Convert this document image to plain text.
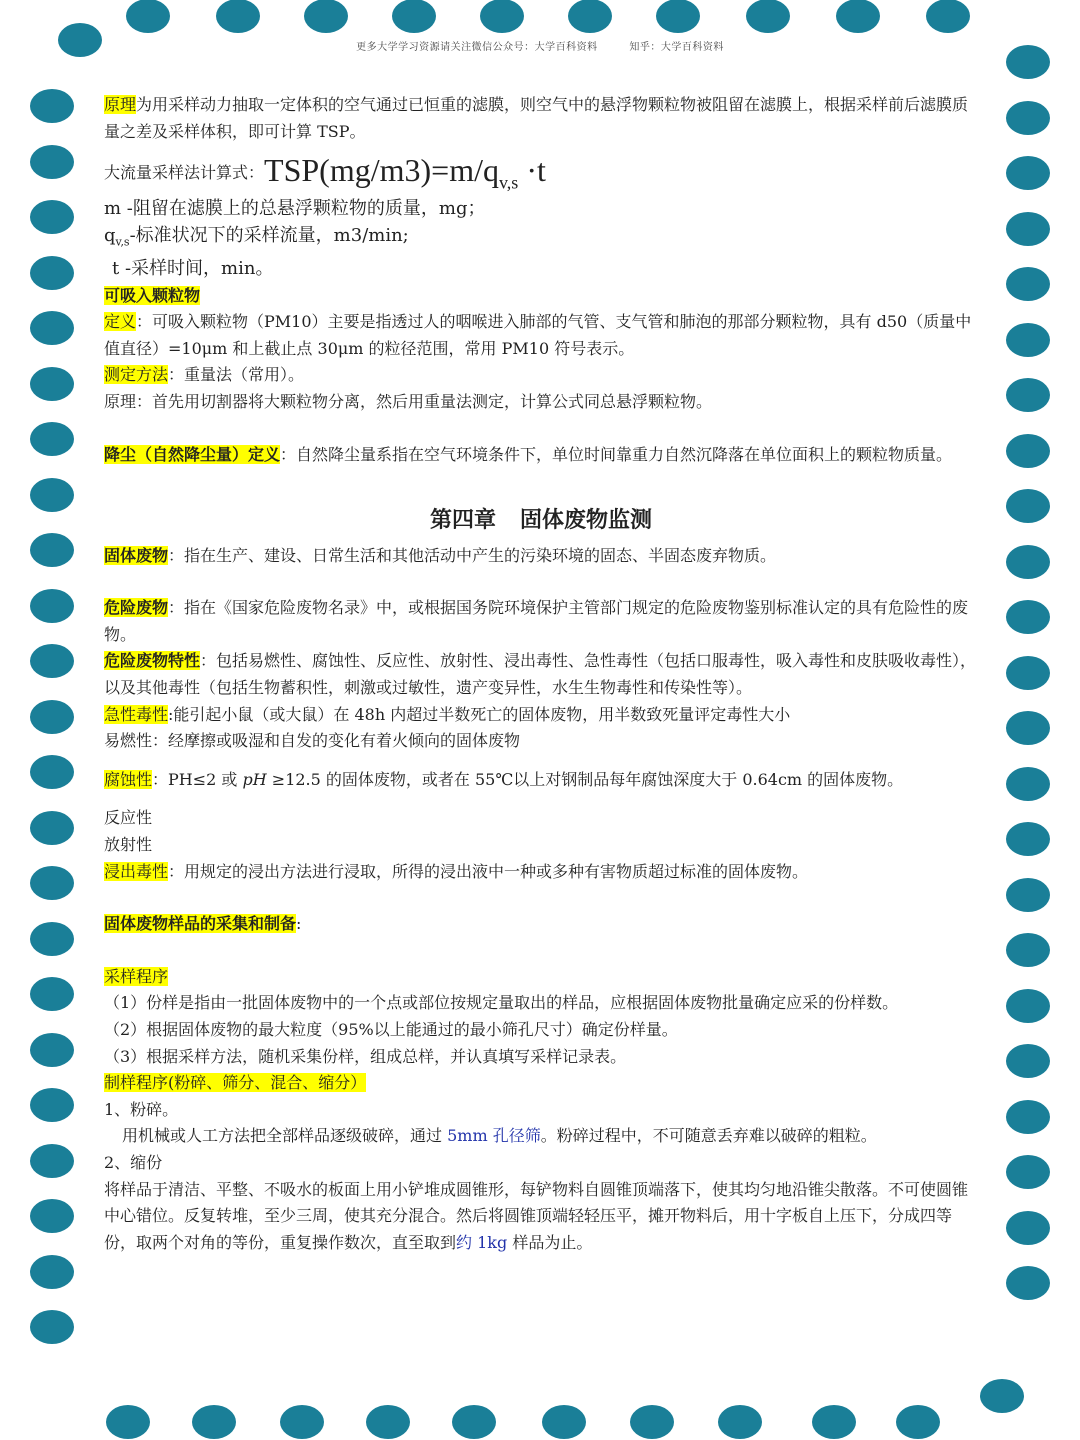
更多大学学习资源请关注微信公众号：大学百科资料	知乎：大学百科资料

原理为用采样动力抽取一定体积的空气通过已恒重的滤膜，则空气中的悬浮物颗粒物被阻留在滤膜上，根据采样前后滤膜质量之差及采样体积，即可计算 TSP。

大流量采样法计算式：$TSP(mg/m3)=m/q_{v,s} \cdot t$

m -阻留在滤膜上的总悬浮颗粒物的质量，mg；

$q_{v,s}-$标准状况下的采样流量，m3/min;

t -采样时间，min。

可吸入颗粒物

定义：可吸入颗粒物（PM10）主要是指透过人的咽喉进入肺部的气管、支气管和肺泡的那部分颗粒物，具有 d50（质量中值直径）=10μm 和上截止点 30μm 的粒径范围，常用 PM10 符号表示。

测定方法：重量法（常用）。

原理：首先用切割器将大颗粒物分离，然后用重量法测定，计算公式同总悬浮颗粒物。

降尘（自然降尘量）定义：自然降尘量系指在空气环境条件下，单位时间靠重力自然沉降落在单位面积上的颗粒物质量。

第四章 固体废物监测

固体废物：指在生产、建设、日常生活和其他活动中产生的污染环境的固态、半固态废弃物质。

危险废物：指在《国家危险废物名录》中，或根据国务院环境保护主管部门规定的危险废物鉴别标准认定的具有危险性的废物。

危险废物特性：包括易燃性、腐蚀性、反应性、放射性、浸出毒性、急性毒性（包括口服毒性，吸入毒性和皮肤吸收毒性），以及其他毒性（包括生物蓄积性，刺激或过敏性，遗产变异性，水生生物毒性和传染性等）。

急性毒性:能引起小鼠（或大鼠）在 48h 内超过半数死亡的固体废物，用半数致死量评定毒性大小

易燃性：经摩擦或吸湿和自发的变化有着火倾向的固体废物

腐蚀性：PH≤2 或 pH ≥12.5 的固体废物，或者在 55℃以上对钢制品每年腐蚀深度大于 0.64cm 的固体废物。

反应性

放射性

浸出毒性：用规定的浸出方法进行浸取，所得的浸出液中一种或多种有害物质超过标准的固体废物。

固体废物样品的采集和制备:

采样程序

（1）份样是指由一批固体废物中的一个点或部位按规定量取出的样品，应根据固体废物批量确定应采的份样数。

（2）根据固体废物的最大粒度（95%以上能通过的最小筛孔尺寸）确定份样量。

（3）根据采样方法，随机采集份样，组成总样，并认真填写采样记录表。

制样程序(粉碎、筛分、混合、缩分）

1、粉碎。

用机械或人工方法把全部样品逐级破碎，通过 5mm 孔径筛。粉碎过程中，不可随意丢弃难以破碎的粗粒。

2、缩份

将样品于清洁、平整、不吸水的板面上用小铲堆成圆锥形，每铲物料自圆锥顶端落下，使其均匀地沿锥尖散落。不可使圆锥中心错位。反复转堆，至少三周，使其充分混合。然后将圆锥顶端轻轻压平，摊开物料后，用十字板自上压下，分成四等份，取两个对角的等份，重复操作数次，直至取到约 1kg 样品为止。
